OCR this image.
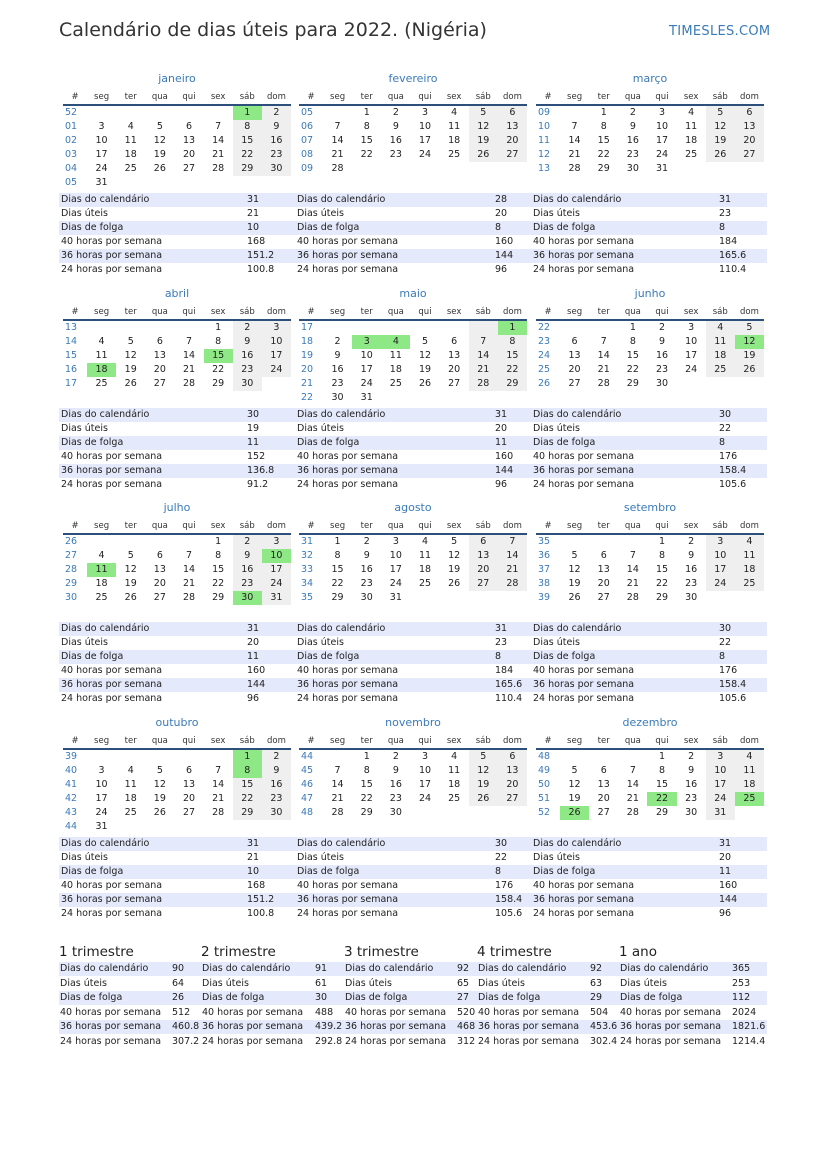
Calendário de dias úteis para 2022. (Nigéria)	TIMESLES.COM
janeiro
#	seg	ter	qua	qui	sex	sáb	dom
52						1	2
01	3	4	5	6	7	8	9
02	10	11	12	13	14	15	16
03	17	18	19	20	21	22	23
04	24	25	26	27	28	29	30
05	31						
Dias do calendário	31
Dias úteis	21
Dias de folga	10
40 horas por semana	168
36 horas por semana	151.2
24 horas por semana	100.8
fevereiro
#	seg	ter	qua	qui	sex	sáb	dom
05		1	2	3	4	5	6
06	7	8	9	10	11	12	13
07	14	15	16	17	18	19	20
08	21	22	23	24	25	26	27
09	28						
Dias do calendário	28
Dias úteis	20
Dias de folga	8
40 horas por semana	160
36 horas por semana	144
24 horas por semana	96
março
#	seg	ter	qua	qui	sex	sáb	dom
09		1	2	3	4	5	6
10	7	8	9	10	11	12	13
11	14	15	16	17	18	19	20
12	21	22	23	24	25	26	27
13	28	29	30	31			
Dias do calendário	31
Dias úteis	23
Dias de folga	8
40 horas por semana	184
36 horas por semana	165.6
24 horas por semana	110.4
abril
#	seg	ter	qua	qui	sex	sáb	dom
13					1	2	3
14	4	5	6	7	8	9	10
15	11	12	13	14	15	16	17
16	18	19	20	21	22	23	24
17	25	26	27	28	29	30	
Dias do calendário	30
Dias úteis	19
Dias de folga	11
40 horas por semana	152
36 horas por semana	136.8
24 horas por semana	91.2
maio
#	seg	ter	qua	qui	sex	sáb	dom
17							1
18	2	3	4	5	6	7	8
19	9	10	11	12	13	14	15
20	16	17	18	19	20	21	22
21	23	24	25	26	27	28	29
22	30	31					
Dias do calendário	31
Dias úteis	20
Dias de folga	11
40 horas por semana	160
36 horas por semana	144
24 horas por semana	96
junho
#	seg	ter	qua	qui	sex	sáb	dom
22			1	2	3	4	5
23	6	7	8	9	10	11	12
24	13	14	15	16	17	18	19
25	20	21	22	23	24	25	26
26	27	28	29	30			
Dias do calendário	30
Dias úteis	22
Dias de folga	8
40 horas por semana	176
36 horas por semana	158.4
24 horas por semana	105.6
julho
#	seg	ter	qua	qui	sex	sáb	dom
26					1	2	3
27	4	5	6	7	8	9	10
28	11	12	13	14	15	16	17
29	18	19	20	21	22	23	24
30	25	26	27	28	29	30	31
Dias do calendário	31
Dias úteis	20
Dias de folga	11
40 horas por semana	160
36 horas por semana	144
24 horas por semana	96
agosto
#	seg	ter	qua	qui	sex	sáb	dom
31	1	2	3	4	5	6	7
32	8	9	10	11	12	13	14
33	15	16	17	18	19	20	21
34	22	23	24	25	26	27	28
35	29	30	31				
Dias do calendário	31
Dias úteis	23
Dias de folga	8
40 horas por semana	184
36 horas por semana	165.6
24 horas por semana	110.4
setembro
#	seg	ter	qua	qui	sex	sáb	dom
35				1	2	3	4
36	5	6	7	8	9	10	11
37	12	13	14	15	16	17	18
38	19	20	21	22	23	24	25
39	26	27	28	29	30		
Dias do calendário	30
Dias úteis	22
Dias de folga	8
40 horas por semana	176
36 horas por semana	158.4
24 horas por semana	105.6
outubro
#	seg	ter	qua	qui	sex	sáb	dom
39						1	2
40	3	4	5	6	7	8	9
41	10	11	12	13	14	15	16
42	17	18	19	20	21	22	23
43	24	25	26	27	28	29	30
44	31						
Dias do calendário	31
Dias úteis	21
Dias de folga	10
40 horas por semana	168
36 horas por semana	151.2
24 horas por semana	100.8
novembro
#	seg	ter	qua	qui	sex	sáb	dom
44		1	2	3	4	5	6
45	7	8	9	10	11	12	13
46	14	15	16	17	18	19	20
47	21	22	23	24	25	26	27
48	28	29	30				
Dias do calendário	30
Dias úteis	22
Dias de folga	8
40 horas por semana	176
36 horas por semana	158.4
24 horas por semana	105.6
dezembro
#	seg	ter	qua	qui	sex	sáb	dom
48				1	2	3	4
49	5	6	7	8	9	10	11
50	12	13	14	15	16	17	18
51	19	20	21	22	23	24	25
52	26	27	28	29	30	31	
Dias do calendário	31
Dias úteis	20
Dias de folga	11
40 horas por semana	160
36 horas por semana	144
24 horas por semana	96
1 trimestre
Dias do calendário 90
Dias úteis	64
Dias de folga	26
40 horas por semana 512
36 horas por semana 460.8
24 horas por semana 307.2
2 trimestre
Dias do calendário	91
Dias úteis	61
Dias de folga	30
40 horas por semana 488
36 horas por semana 439.2
24 horas por semana 292.8
3 trimestre
Dias do calendário 92
Dias úteis	65
Dias de folga	27
40 horas por semana 520
36 horas por semana 468
24 horas por semana 312
4 trimestre
Dias do calendário 92
Dias úteis	63
Dias de folga	29
40 horas por semana 504
36 horas por semana 453.6
24 horas por semana 302.4
1 ano
Dias do calendário 365
Dias úteis	253
Dias de folga	112
40 horas por semana 2024
36 horas por semana 1821.6
24 horas por semana 1214.4
